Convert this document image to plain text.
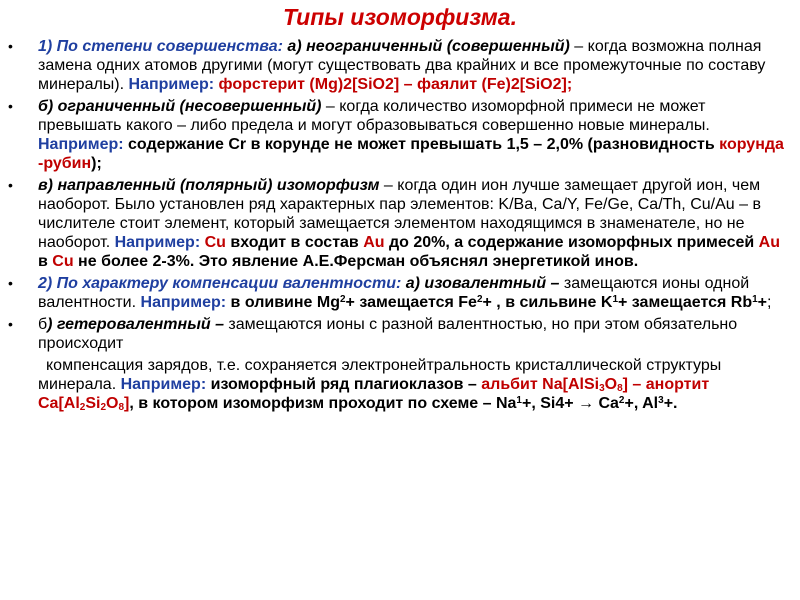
Типы изоморфизма.
• 1) По степени совершенства: а) неограниченный (совершенный) – когда возможна полная замена одних атомов другими (могут существовать два крайних и все промежуточные по составу минералы). Например: форстерит (Mg)2[SiO2] – фаялит (Fe)2[SiO2];
• б) ограниченный (несовершенный) – когда количество изоморфной примеси не может превышать какого – либо предела и могут образовываться совершенно новые минералы. Например: содержание Cr в корунде не может превышать 1,5 – 2,0% (разновидность корунда -рубин);
• в) направленный (полярный) изоморфизм – когда один ион лучше замещает другой ион, чем наоборот. Было установлен ряд характерных пар элементов: K/Ba, Ca/Y, Fe/Ge, Ca/Th, Cu/Au – в числителе стоит элемент, который замещается элементом находящимся в знаменателе, но не наоборот. Например: Cu входит в состав Au до 20%, а содержание изоморфных примесей Au в Cu не более 2-3%. Это явление А.Е.Ферсман объяснял энергетикой инов.
• 2) По характеру компенсации валентности: а) изовалентный – замещаются ионы одной валентности. Например: в оливине $Mg^2+$ замещается $Fe^2+$ , в сильвине $K^1+$ замещается $Rb^1+$;
• б) гетеровалентный – замещаются ионы с разной валентностью, но при этом обязательно происходит
компенсация зарядов, т.е. сохраняется электронейтральность кристаллической структуры минерала. Например: изоморфный ряд плагиоклазов – альбит $Na[AlSi_3O_8]$ – анортит $Ca[Al_2Si_2O_8]$, в котором изоморфизм проходит по схеме – $Na^1+$, $Si4+ \to Ca^2+$, $Al^3+$.
